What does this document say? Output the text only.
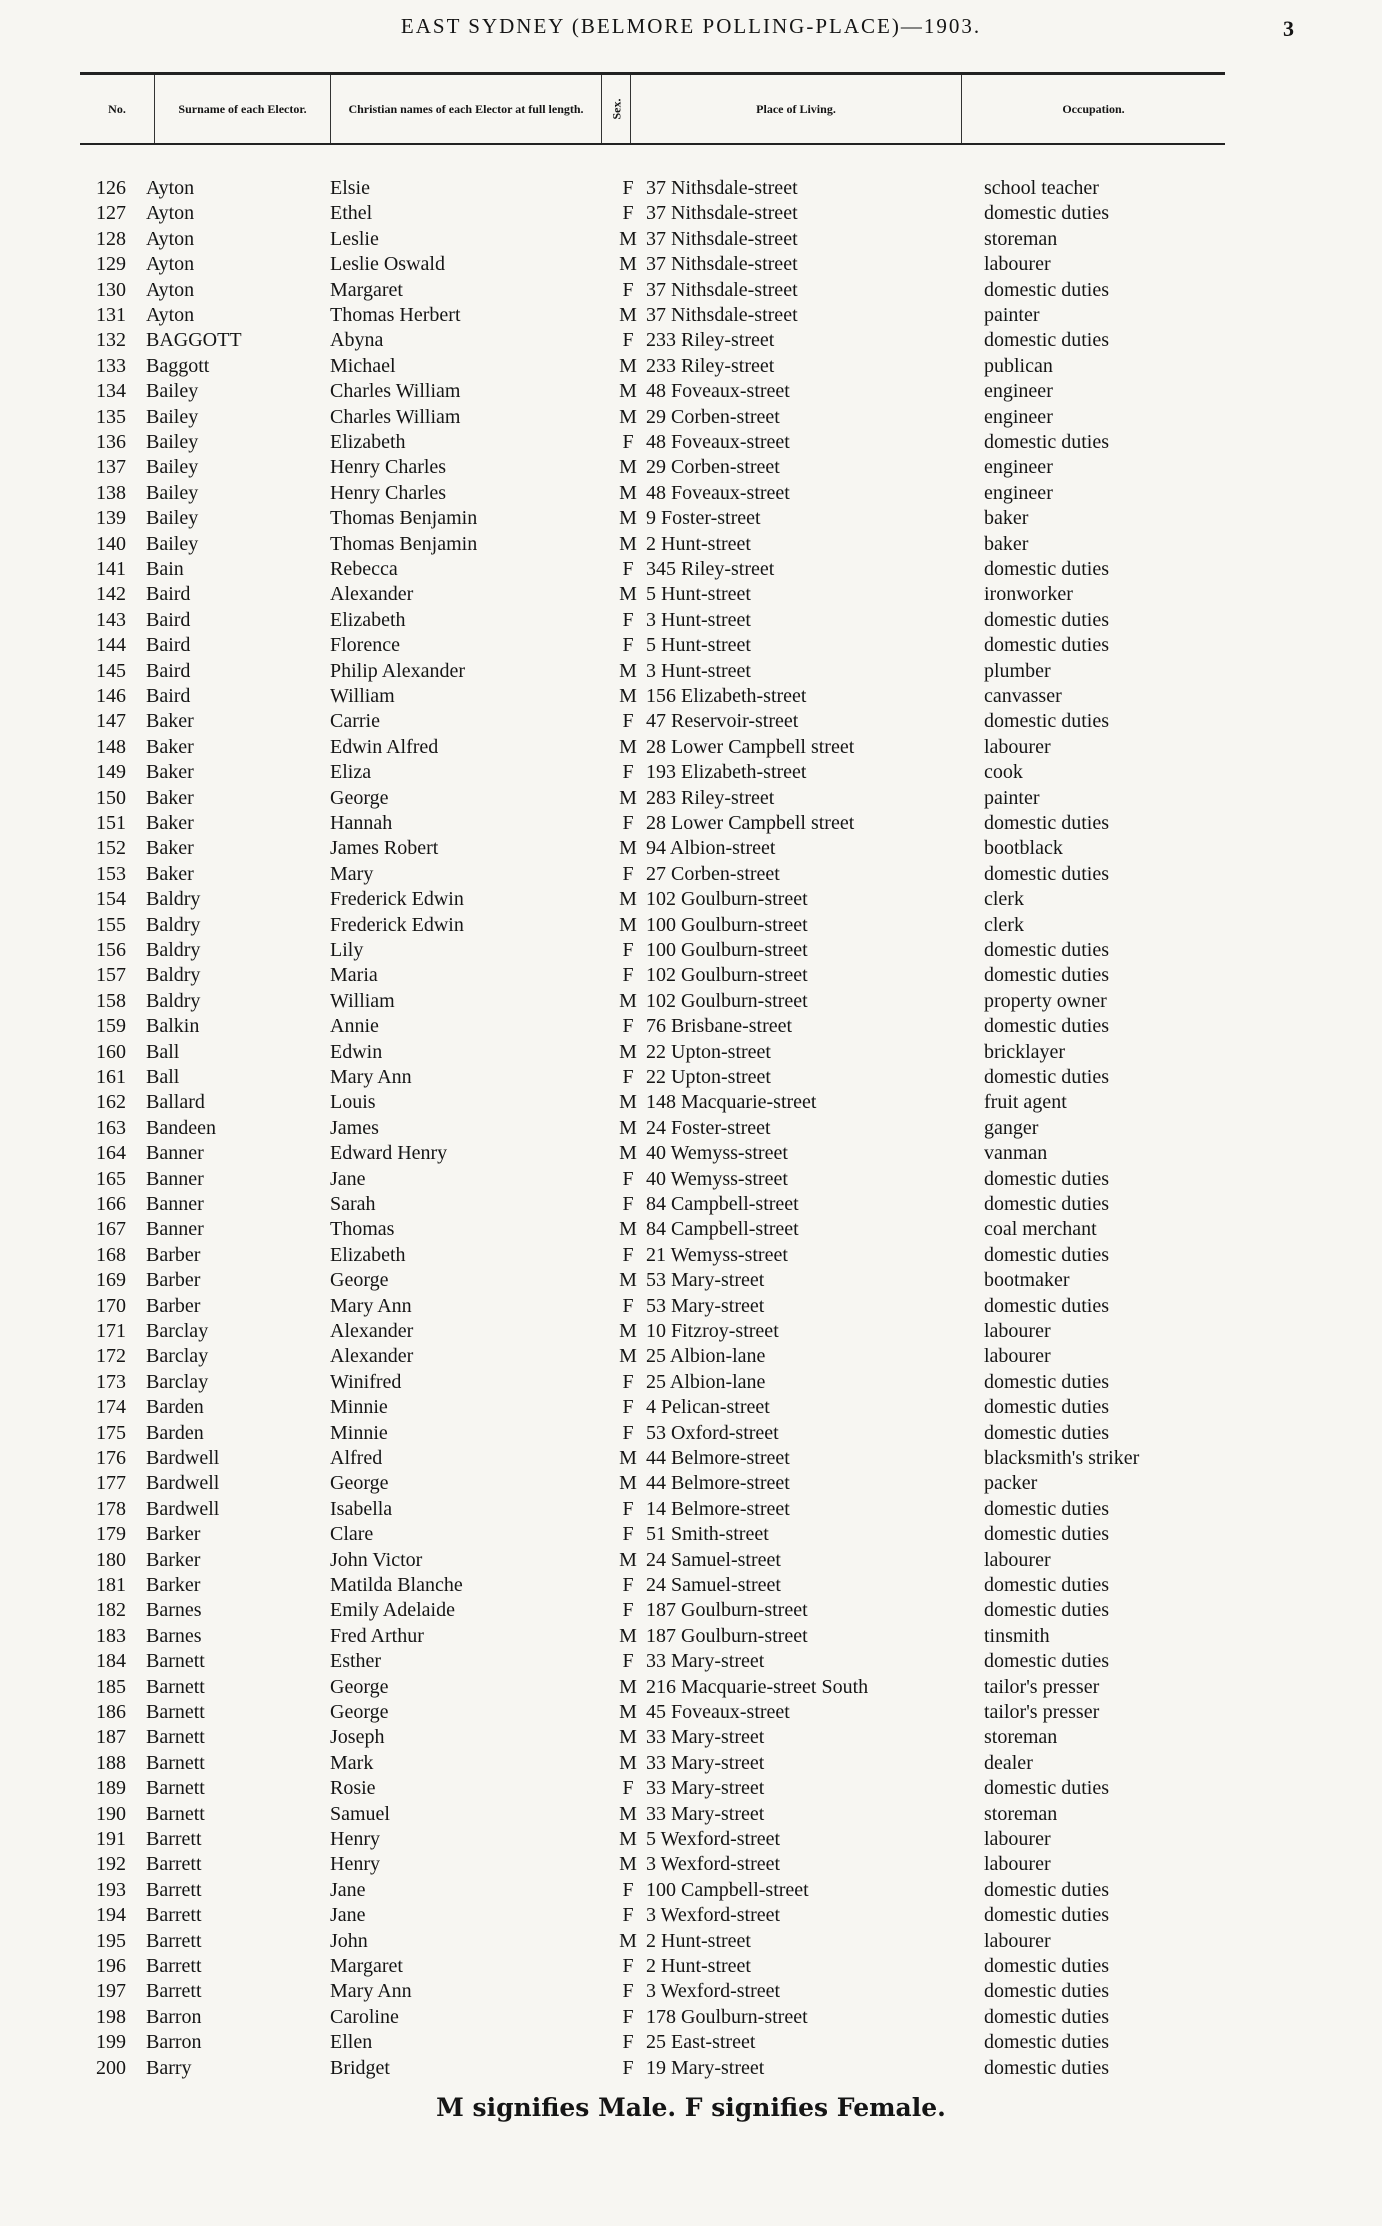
EAST SYDNEY (BELMORE POLLING-PLACE)—1903.	3
No.	Surname of each Elector.	Christian names of each Elector at full length.	Sex.	Place of Living.	Occupation.
126 Ayton	Elsie	F 37 Nithsdale-street	school teacher
127 Ayton	Ethel	F 37 Nithsdale-street	domestic duties
128 Ayton	Leslie	M 37 Nithsdale-street	storeman
129 Ayton	Leslie Oswald	M 37 Nithsdale-street	labourer
130 Ayton	Margaret	F 37 Nithsdale-street	domestic duties
131 Ayton	Thomas Herbert	M 37 Nithsdale-street	painter
132 BAGGOTT	Abyna	F 233 Riley-street	domestic duties
133 Baggott	Michael	M 233 Riley-street	publican
134 Bailey	Charles William	M 48 Foveaux-street	engineer
135 Bailey	Charles William	M 29 Corben-street	engineer
136 Bailey	Elizabeth	F 48 Foveaux-street	domestic duties
137 Bailey	Henry Charles	M 29 Corben-street	engineer
138 Bailey	Henry Charles	M 48 Foveaux-street	engineer
139 Bailey	Thomas Benjamin	M 9 Foster-street	baker
140 Bailey	Thomas Benjamin	M 2 Hunt-street	baker
141 Bain	Rebecca	F 345 Riley-street	domestic duties
142 Baird	Alexander	M 5 Hunt-street	ironworker
143 Baird	Elizabeth	F 3 Hunt-street	domestic duties
144 Baird	Florence	F 5 Hunt-street	domestic duties
145 Baird	Philip Alexander	M 3 Hunt-street	plumber
146 Baird	William	M 156 Elizabeth-street	canvasser
147 Baker	Carrie	F 47 Reservoir-street	domestic duties
148 Baker	Edwin Alfred	M 28 Lower Campbell street	labourer
149 Baker	Eliza	F 193 Elizabeth-street	cook
150 Baker	George	M 283 Riley-street	painter
151 Baker	Hannah	F 28 Lower Campbell street	domestic duties
152 Baker	James Robert	M 94 Albion-street	bootblack
153 Baker	Mary	F 27 Corben-street	domestic duties
154 Baldry	Frederick Edwin	M 102 Goulburn-street	clerk
155 Baldry	Frederick Edwin	M 100 Goulburn-street	clerk
156 Baldry	Lily	F 100 Goulburn-street	domestic duties
157 Baldry	Maria	F 102 Goulburn-street	domestic duties
158 Baldry	William	M 102 Goulburn-street	property owner
159 Balkin	Annie	F 76 Brisbane-street	domestic duties
160 Ball	Edwin	M 22 Upton-street	bricklayer
161 Ball	Mary Ann	F 22 Upton-street	domestic duties
162 Ballard	Louis	M 148 Macquarie-street	fruit agent
163 Bandeen	James	M 24 Foster-street	ganger
164 Banner	Edward Henry	M 40 Wemyss-street	vanman
165 Banner	Jane	F 40 Wemyss-street	domestic duties
166 Banner	Sarah	F 84 Campbell-street	domestic duties
167 Banner	Thomas	M 84 Campbell-street	coal merchant
168 Barber	Elizabeth	F 21 Wemyss-street	domestic duties
169 Barber	George	M 53 Mary-street	bootmaker
170 Barber	Mary Ann	F 53 Mary-street	domestic duties
171 Barclay	Alexander	M 10 Fitzroy-street	labourer
172 Barclay	Alexander	M 25 Albion-lane	labourer
173 Barclay	Winifred	F 25 Albion-lane	domestic duties
174 Barden	Minnie	F 4 Pelican-street	domestic duties
175 Barden	Minnie	F 53 Oxford-street	domestic duties
176 Bardwell	Alfred	M 44 Belmore-street	blacksmith's striker
177 Bardwell	George	M 44 Belmore-street	packer
178 Bardwell	Isabella	F 14 Belmore-street	domestic duties
179 Barker	Clare	F 51 Smith-street	domestic duties
180 Barker	John Victor	M 24 Samuel-street	labourer
181 Barker	Matilda Blanche	F 24 Samuel-street	domestic duties
182 Barnes	Emily Adelaide	F 187 Goulburn-street	domestic duties
183 Barnes	Fred Arthur	M 187 Goulburn-street	tinsmith
184 Barnett	Esther	F 33 Mary-street	domestic duties
185 Barnett	George	M 216 Macquarie-street South	tailor's presser
186 Barnett	George	M 45 Foveaux-street	tailor's presser
187 Barnett	Joseph	M 33 Mary-street	storeman
188 Barnett	Mark	M 33 Mary-street	dealer
189 Barnett	Rosie	F 33 Mary-street	domestic duties
190 Barnett	Samuel	M 33 Mary-street	storeman
191 Barrett	Henry	M 5 Wexford-street	labourer
192 Barrett	Henry	M 3 Wexford-street	labourer
193 Barrett	Jane	F 100 Campbell-street	domestic duties
194 Barrett	Jane	F 3 Wexford-street	domestic duties
195 Barrett	John	M 2 Hunt-street	labourer
196 Barrett	Margaret	F 2 Hunt-street	domestic duties
197 Barrett	Mary Ann	F 3 Wexford-street	domestic duties
198 Barron	Caroline	F 178 Goulburn-street	domestic duties
199 Barron	Ellen	F 25 East-street	domestic duties
200 Barry	Bridget	F 19 Mary-street	domestic duties
M signifies Male. F signifies Female.
